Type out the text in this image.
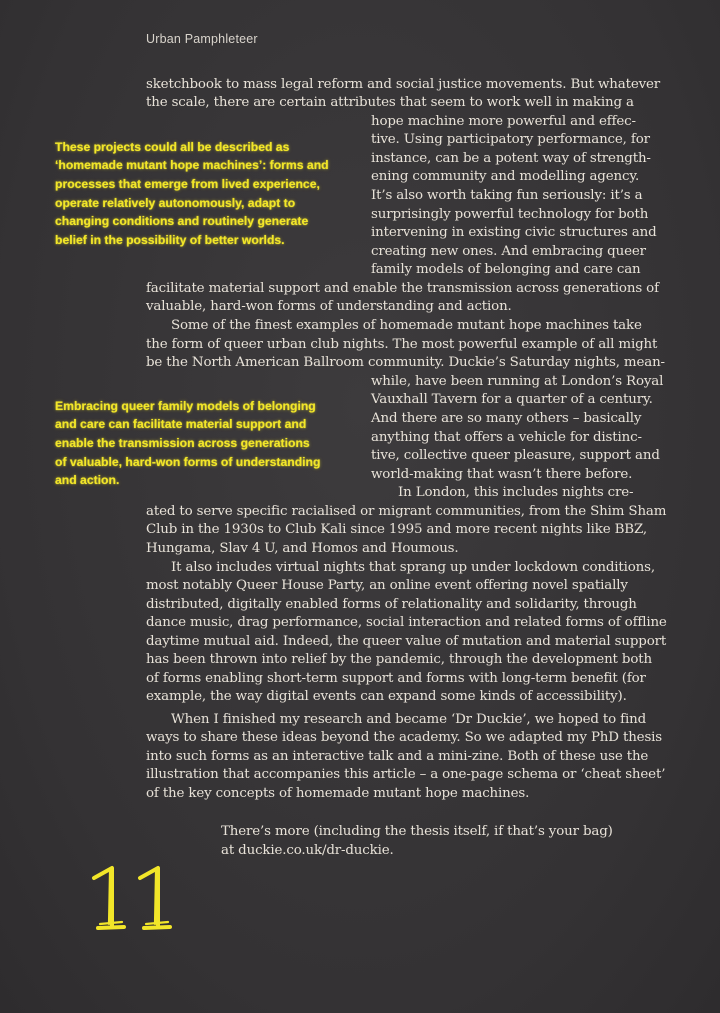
Urban Pamphleteer
sketchbook to mass legal reform and social justice movements. But whatever
the scale, there are certain attributes that seem to work well in making a
hope machine more powerful and effec-
tive. Using participatory performance, for
instance, can be a potent way of strength-
ening community and modelling agency.
It’s also worth taking fun seriously: it’s a
surprisingly powerful technology for both
intervening in existing civic structures and
creating new ones. And embracing queer
family models of belonging and care can
facilitate material support and enable the transmission across generations of
valuable, hard-won forms of understanding and action.
Some of the finest examples of homemade mutant hope machines take
the form of queer urban club nights. The most powerful example of all might
be the North American Ballroom community. Duckie’s Saturday nights, mean-
while, have been running at London’s Royal
Vauxhall Tavern for a quarter of a century.
And there are so many others – basically
anything that offers a vehicle for distinc-
tive, collective queer pleasure, support and
world-making that wasn’t there before.
In London, this includes nights cre-
ated to serve specific racialised or migrant communities, from the Shim Sham
Club in the 1930s to Club Kali since 1995 and more recent nights like BBZ,
Hungama, Slav 4 U, and Homos and Houmous.
It also includes virtual nights that sprang up under lockdown conditions,
most notably Queer House Party, an online event offering novel spatially
distributed, digitally enabled forms of relationality and solidarity, through
dance music, drag performance, social interaction and related forms of offline
daytime mutual aid. Indeed, the queer value of mutation and material support
has been thrown into relief by the pandemic, through the development both
of forms enabling short-term support and forms with long-term benefit (for
example, the way digital events can expand some kinds of accessibility).
When I finished my research and became ‘Dr Duckie’, we hoped to find
ways to share these ideas beyond the academy. So we adapted my PhD thesis
into such forms as an interactive talk and a mini-zine. Both of these use the
illustration that accompanies this article – a one-page schema or ‘cheat sheet’
of the key concepts of homemade mutant hope machines.
There’s more (including the thesis itself, if that’s your bag)
at duckie.co.uk/dr-duckie.
These projects could all be described as
‘homemade mutant hope machines’: forms and
processes that emerge from lived experience,
operate relatively autonomously, adapt to
changing conditions and routinely generate
belief in the possibility of better worlds.
Embracing queer family models of belonging
and care can facilitate material support and
enable the transmission across generations
of valuable, hard-won forms of understanding
and action.
11
